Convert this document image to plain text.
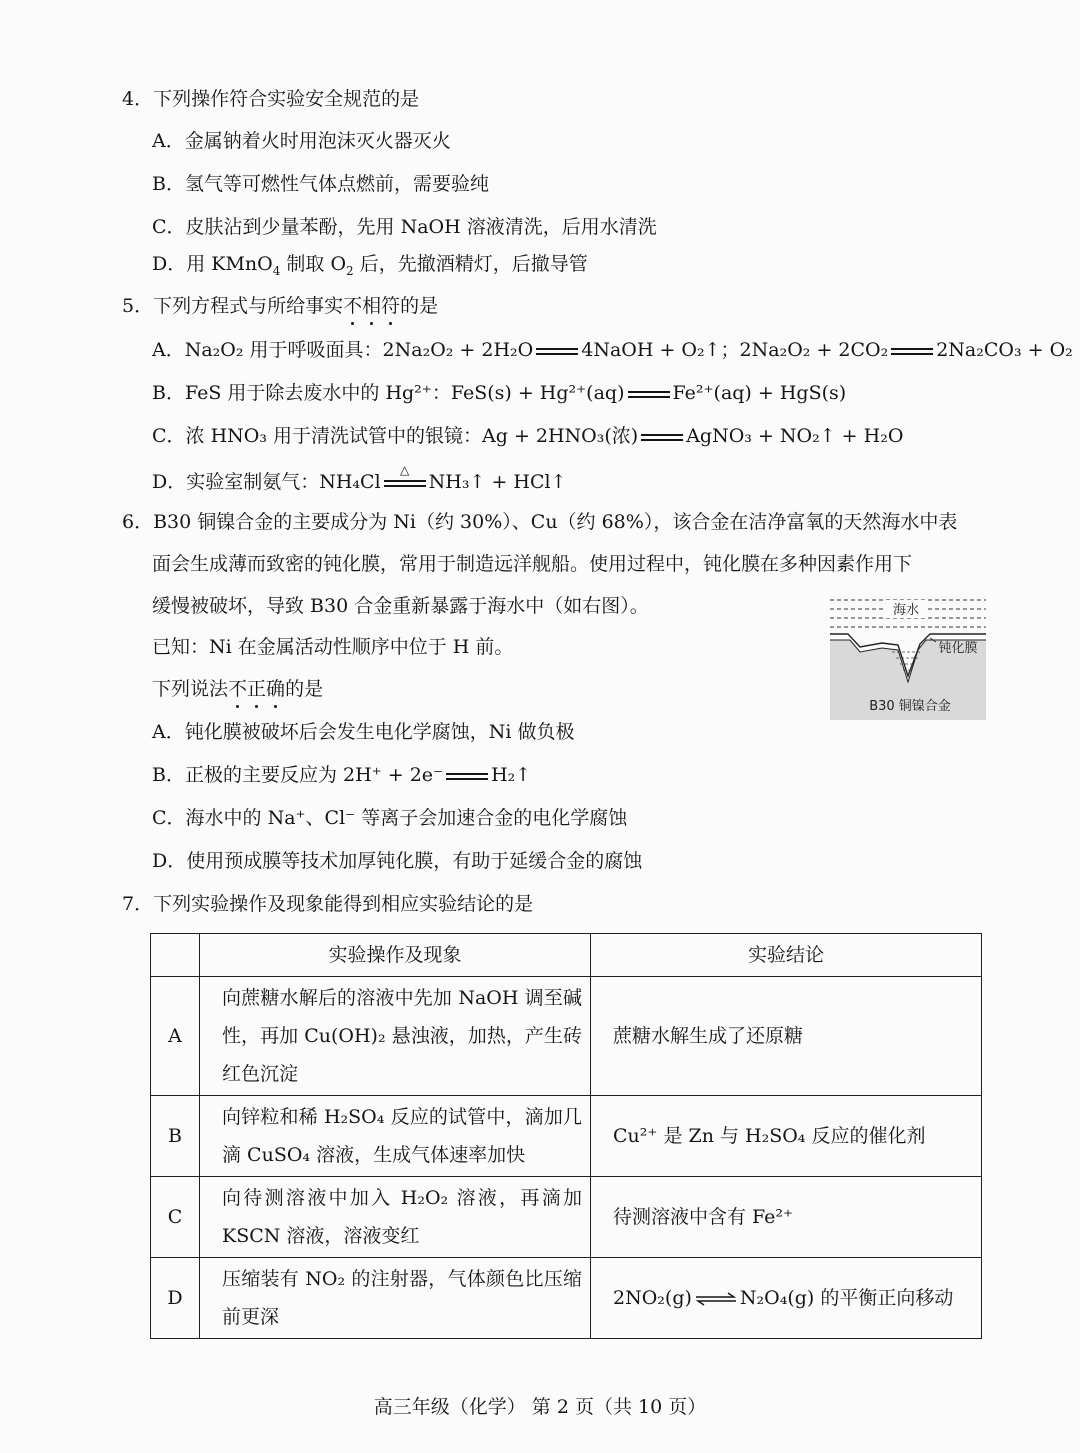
4．下列操作符合实验安全规范的是
A．金属钠着火时用泡沫灭火器灭火
B．氢气等可燃性气体点燃前，需要验纯
C．皮肤沾到少量苯酚，先用 NaOH 溶液清洗，后用水清洗
D．用 KMnO$_4$ 制取 $O_2$ 后，先撤酒精灯，后撤导管
5．下列方程式与所给事实不相符的是
A．Na₂O₂ 用于呼吸面具：2Na₂O₂ + 2H₂O	4NaOH + O₂↑；2Na₂O₂ + 2CO₂	2Na₂CO₃ + O₂
B．FeS 用于除去废水中的 Hg²⁺：FeS(s) + Hg²⁺(aq)	Fe²⁺(aq) + HgS(s)
C．浓 HNO₃ 用于清洗试管中的银镜：Ag + 2HNO₃(浓)	AgNO₃ + NO₂↑ + H₂O
D．实验室制氨气：NH₄Cl
△
NH₃↑ + HCl↑
6．B30 铜镍合金的主要成分为 Ni（约 30%）、Cu（约 68%），该合金在洁净富氧的天然海水中表
面会生成薄而致密的钝化膜，常用于制造远洋舰船。使用过程中，钝化膜在多种因素作用下
缓慢被破坏，导致 B30 合金重新暴露于海水中（如右图）。
已知：Ni 在金属活动性顺序中位于 H 前。
下列说法不正确的是
A．钝化膜被破坏后会发生电化学腐蚀，Ni 做负极
B．正极的主要反应为 2H⁺ + 2e⁻	H₂↑
C．海水中的 Na⁺、Cl⁻ 等离子会加速合金的电化学腐蚀
D．使用预成膜等技术加厚钝化膜，有助于延缓合金的腐蚀
海水
钝化膜
B30 铜镍合金
7．下列实验操作及现象能得到相应实验结论的是
	实验操作及现象	实验结论
A	向蔗糖水解后的溶液中先加 NaOH 调至碱性，再加 Cu(OH)₂ 悬浊液，加热，产生砖红色沉淀	蔗糖水解生成了还原糖
B	向锌粒和稀 H₂SO₄ 反应的试管中，滴加几滴 CuSO₄ 溶液，生成气体速率加快	Cu²⁺ 是 Zn 与 H₂SO₄ 反应的催化剂
C	向待测溶液中加入 H₂O₂ 溶液，再滴加 KSCN 溶液，溶液变红	待测溶液中含有 Fe²⁺
D	压缩装有 NO₂ 的注射器，气体颜色比压缩前更深	2NO₂(g) ⇌ N₂O₄(g) 的平衡正向移动
高三年级（化学） 第 2 页（共 10 页）
